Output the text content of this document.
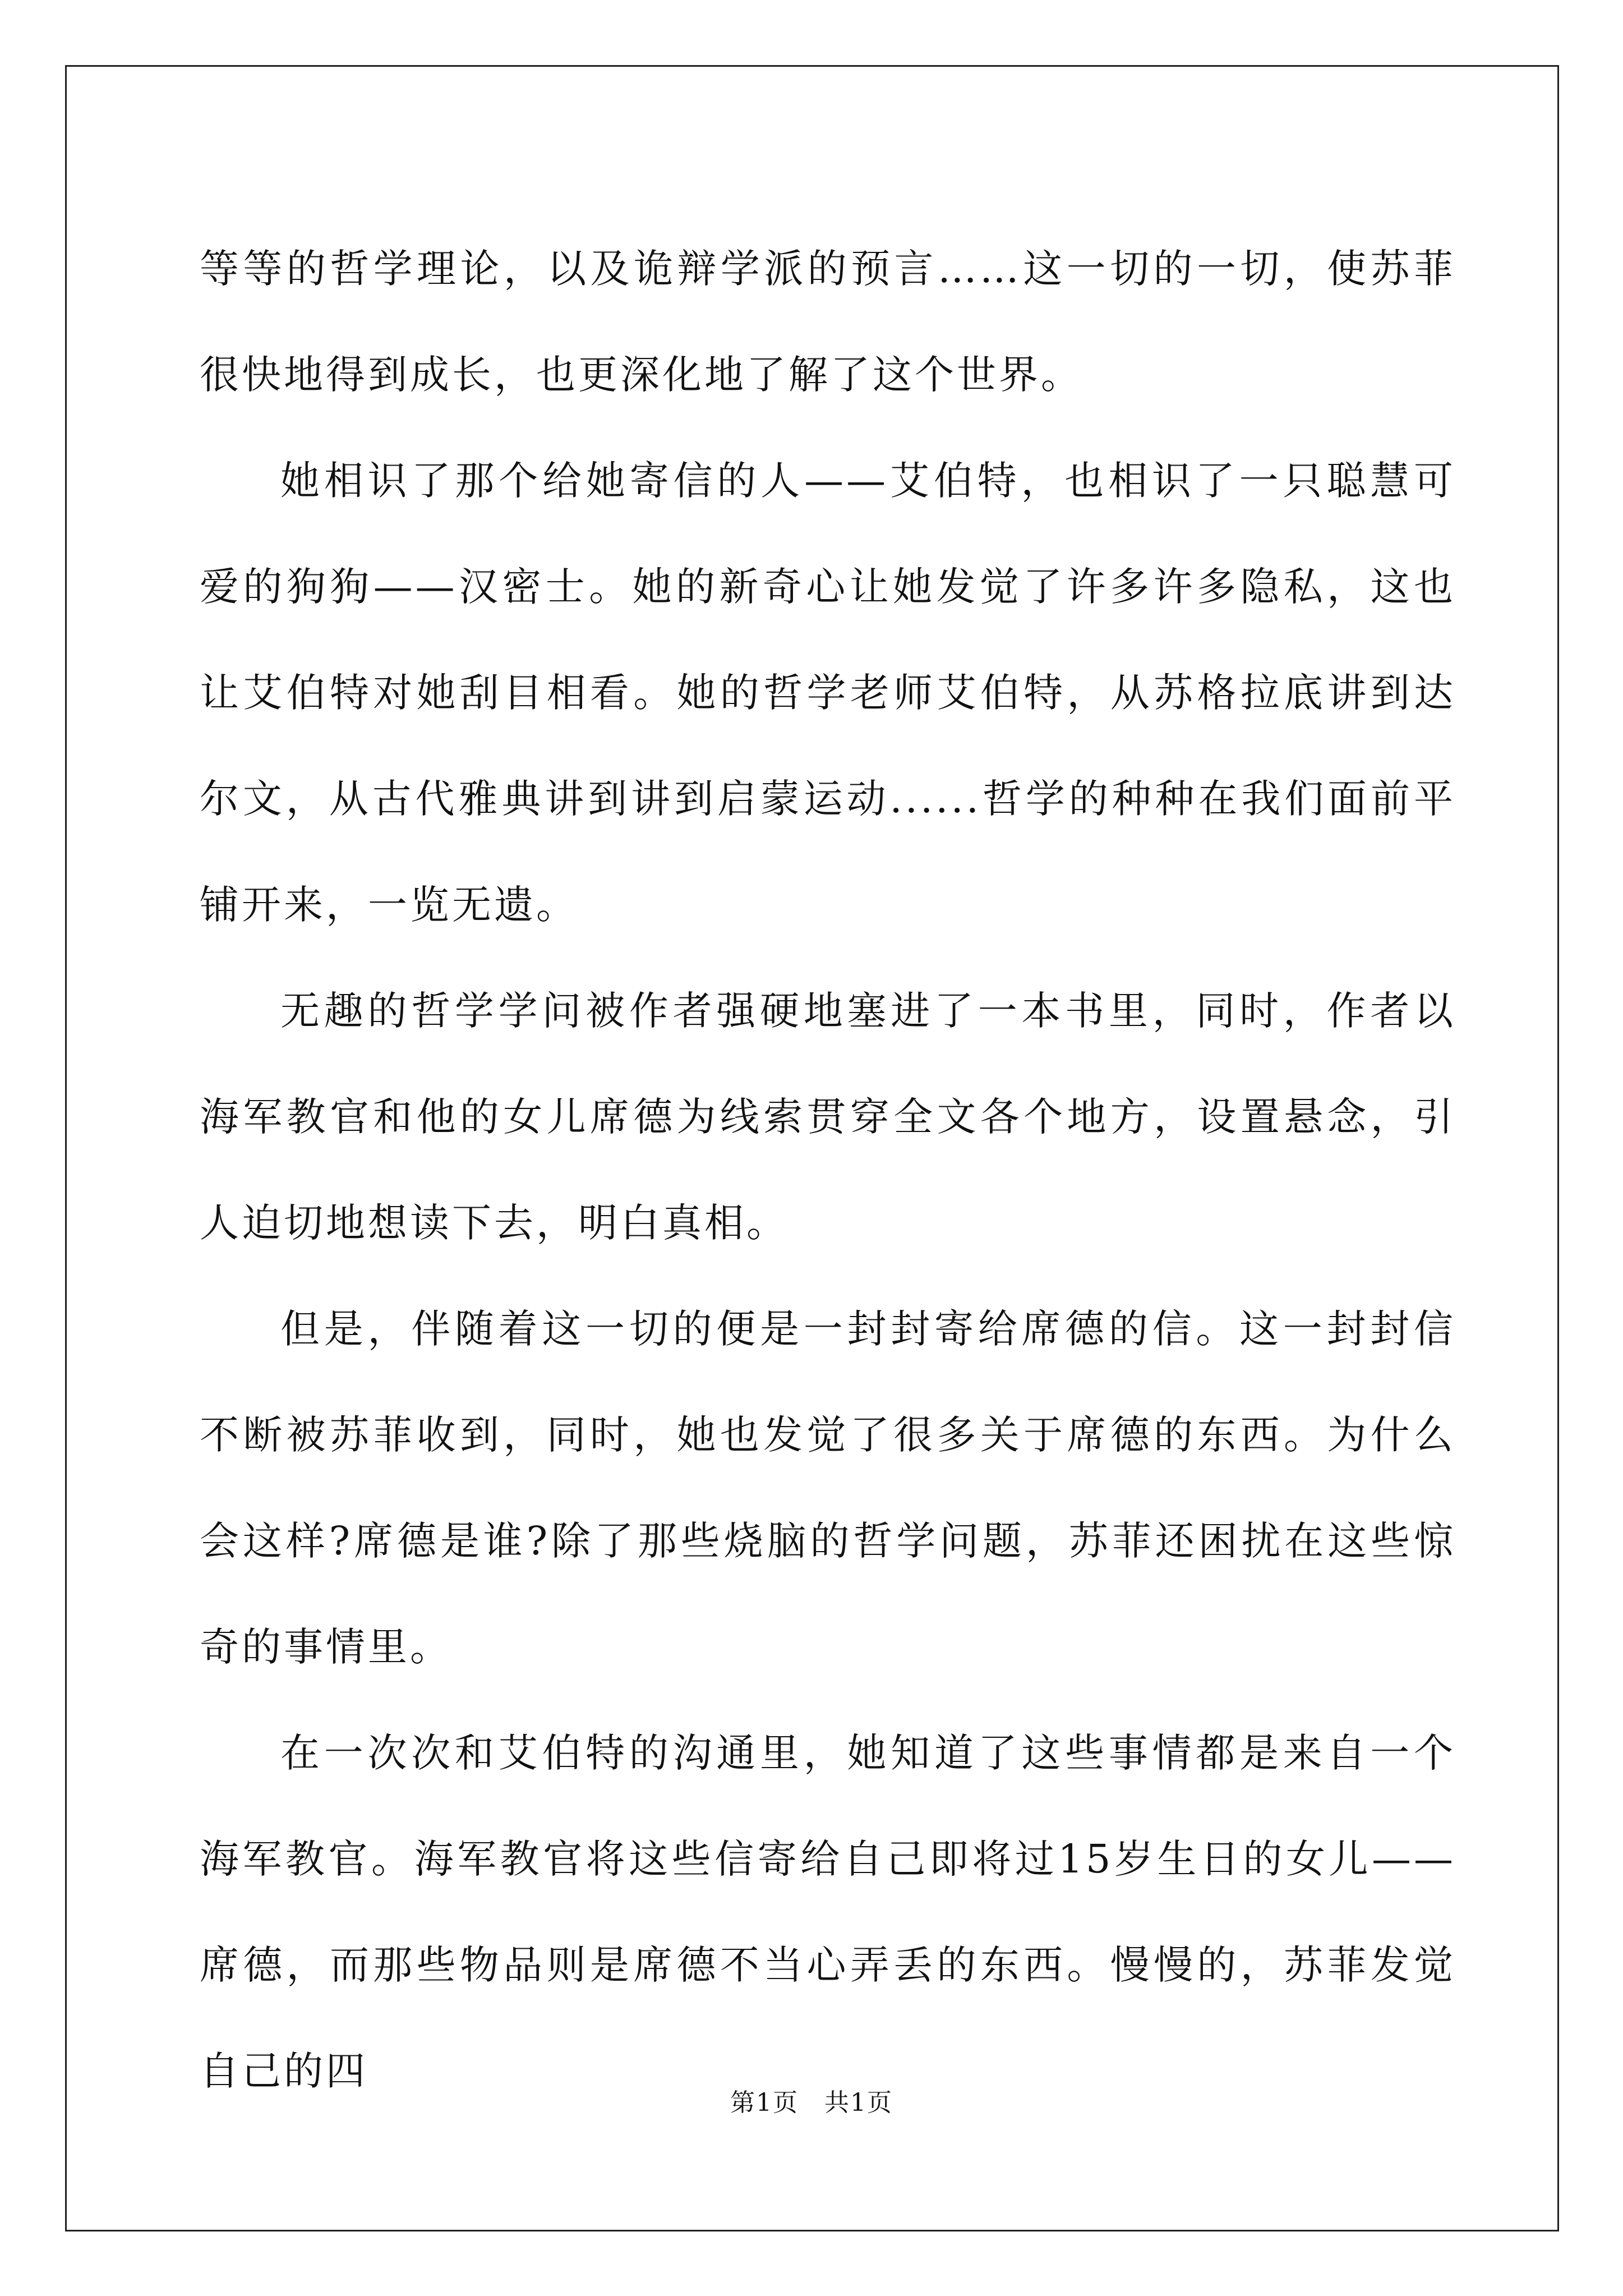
等等的哲学理论，以及诡辩学派的预言……这一切的一切，使苏菲很快地得到成长，也更深化地了解了这个世界。

她相识了那个给她寄信的人——艾伯特，也相识了一只聪慧可爱的狗狗——汉密士。她的新奇心让她发觉了许多许多隐私，这也让艾伯特对她刮目相看。她的哲学老师艾伯特，从苏格拉底讲到达尔文，从古代雅典讲到讲到启蒙运动......哲学的种种在我们面前平铺开来，一览无遗。

无趣的哲学学问被作者强硬地塞进了一本书里，同时，作者以海军教官和他的女儿席德为线索贯穿全文各个地方，设置悬念，引人迫切地想读下去，明白真相。

但是，伴随着这一切的便是一封封寄给席德的信。这一封封信不断被苏菲收到，同时，她也发觉了很多关于席德的东西。为什么会这样?席德是谁?除了那些烧脑的哲学问题，苏菲还困扰在这些惊奇的事情里。

在一次次和艾伯特的沟通里，她知道了这些事情都是来自一个海军教官。海军教官将这些信寄给自己即将过15岁生日的女儿——席德，而那些物品则是席德不当心弄丢的东西。慢慢的，苏菲发觉自己的四

第1页　共1页
